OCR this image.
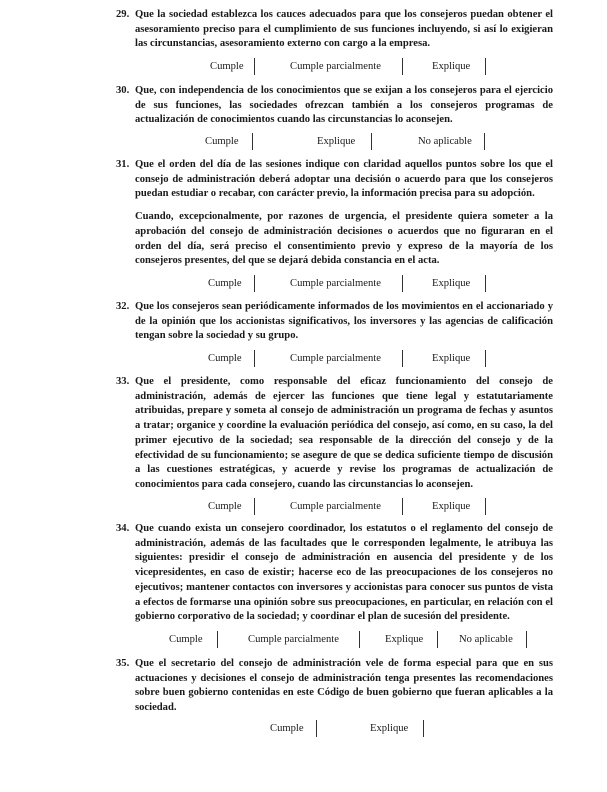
29. Que la sociedad establezca los cauces adecuados para que los consejeros puedan obtener el asesoramiento preciso para el cumplimiento de sus funciones incluyendo, si así lo exigieran las circunstancias, asesoramiento externo con cargo a la empresa.

Cumple	Cumple parcialmente	Explique
30. Que, con independencia de los conocimientos que se exijan a los consejeros para el ejercicio de sus funciones, las sociedades ofrezcan también a los consejeros programas de actualización de conocimientos cuando las circunstancias lo aconsejen.

Cumple	Explique	No aplicable
31. Que el orden del día de las sesiones indique con claridad aquellos puntos sobre los que el consejo de administración deberá adoptar una decisión o acuerdo para que los consejeros puedan estudiar o recabar, con carácter previo, la información precisa para su adopción.

Cuando, excepcionalmente, por razones de urgencia, el presidente quiera someter a la aprobación del consejo de administración decisiones o acuerdos que no figuraran en el orden del día, será preciso el consentimiento previo y expreso de la mayoría de los consejeros presentes, del que se dejará debida constancia en el acta.

Cumple	Cumple parcialmente	Explique
32. Que los consejeros sean periódicamente informados de los movimientos en el accionariado y de la opinión que los accionistas significativos, los inversores y las agencias de calificación tengan sobre la sociedad y su grupo.

Cumple	Cumple parcialmente	Explique
33. Que el presidente, como responsable del eficaz funcionamiento del consejo de administración, además de ejercer las funciones que tiene legal y estatutariamente atribuidas, prepare y someta al consejo de administración un programa de fechas y asuntos a tratar; organice y coordine la evaluación periódica del consejo, así como, en su caso, la del primer ejecutivo de la sociedad; sea responsable de la dirección del consejo y de la efectividad de su funcionamiento; se asegure de que se dedica suficiente tiempo de discusión a las cuestiones estratégicas, y acuerde y revise los programas de actualización de conocimientos para cada consejero, cuando las circunstancias lo aconsejen.

Cumple	Cumple parcialmente	Explique
34. Que cuando exista un consejero coordinador, los estatutos o el reglamento del consejo de administración, además de las facultades que le corresponden legalmente, le atribuya las siguientes: presidir el consejo de administración en ausencia del presidente y de los vicepresidentes, en caso de existir; hacerse eco de las preocupaciones de los consejeros no ejecutivos; mantener contactos con inversores y accionistas para conocer sus puntos de vista a efectos de formarse una opinión sobre sus preocupaciones, en particular, en relación con el gobierno corporativo de la sociedad; y coordinar el plan de sucesión del presidente.

Cumple	Cumple parcialmente	Explique	No aplicable
35. Que el secretario del consejo de administración vele de forma especial para que en sus actuaciones y decisiones el consejo de administración tenga presentes las recomendaciones sobre buen gobierno contenidas en este Código de buen gobierno que fueran aplicables a la sociedad.

Cumple	Explique
